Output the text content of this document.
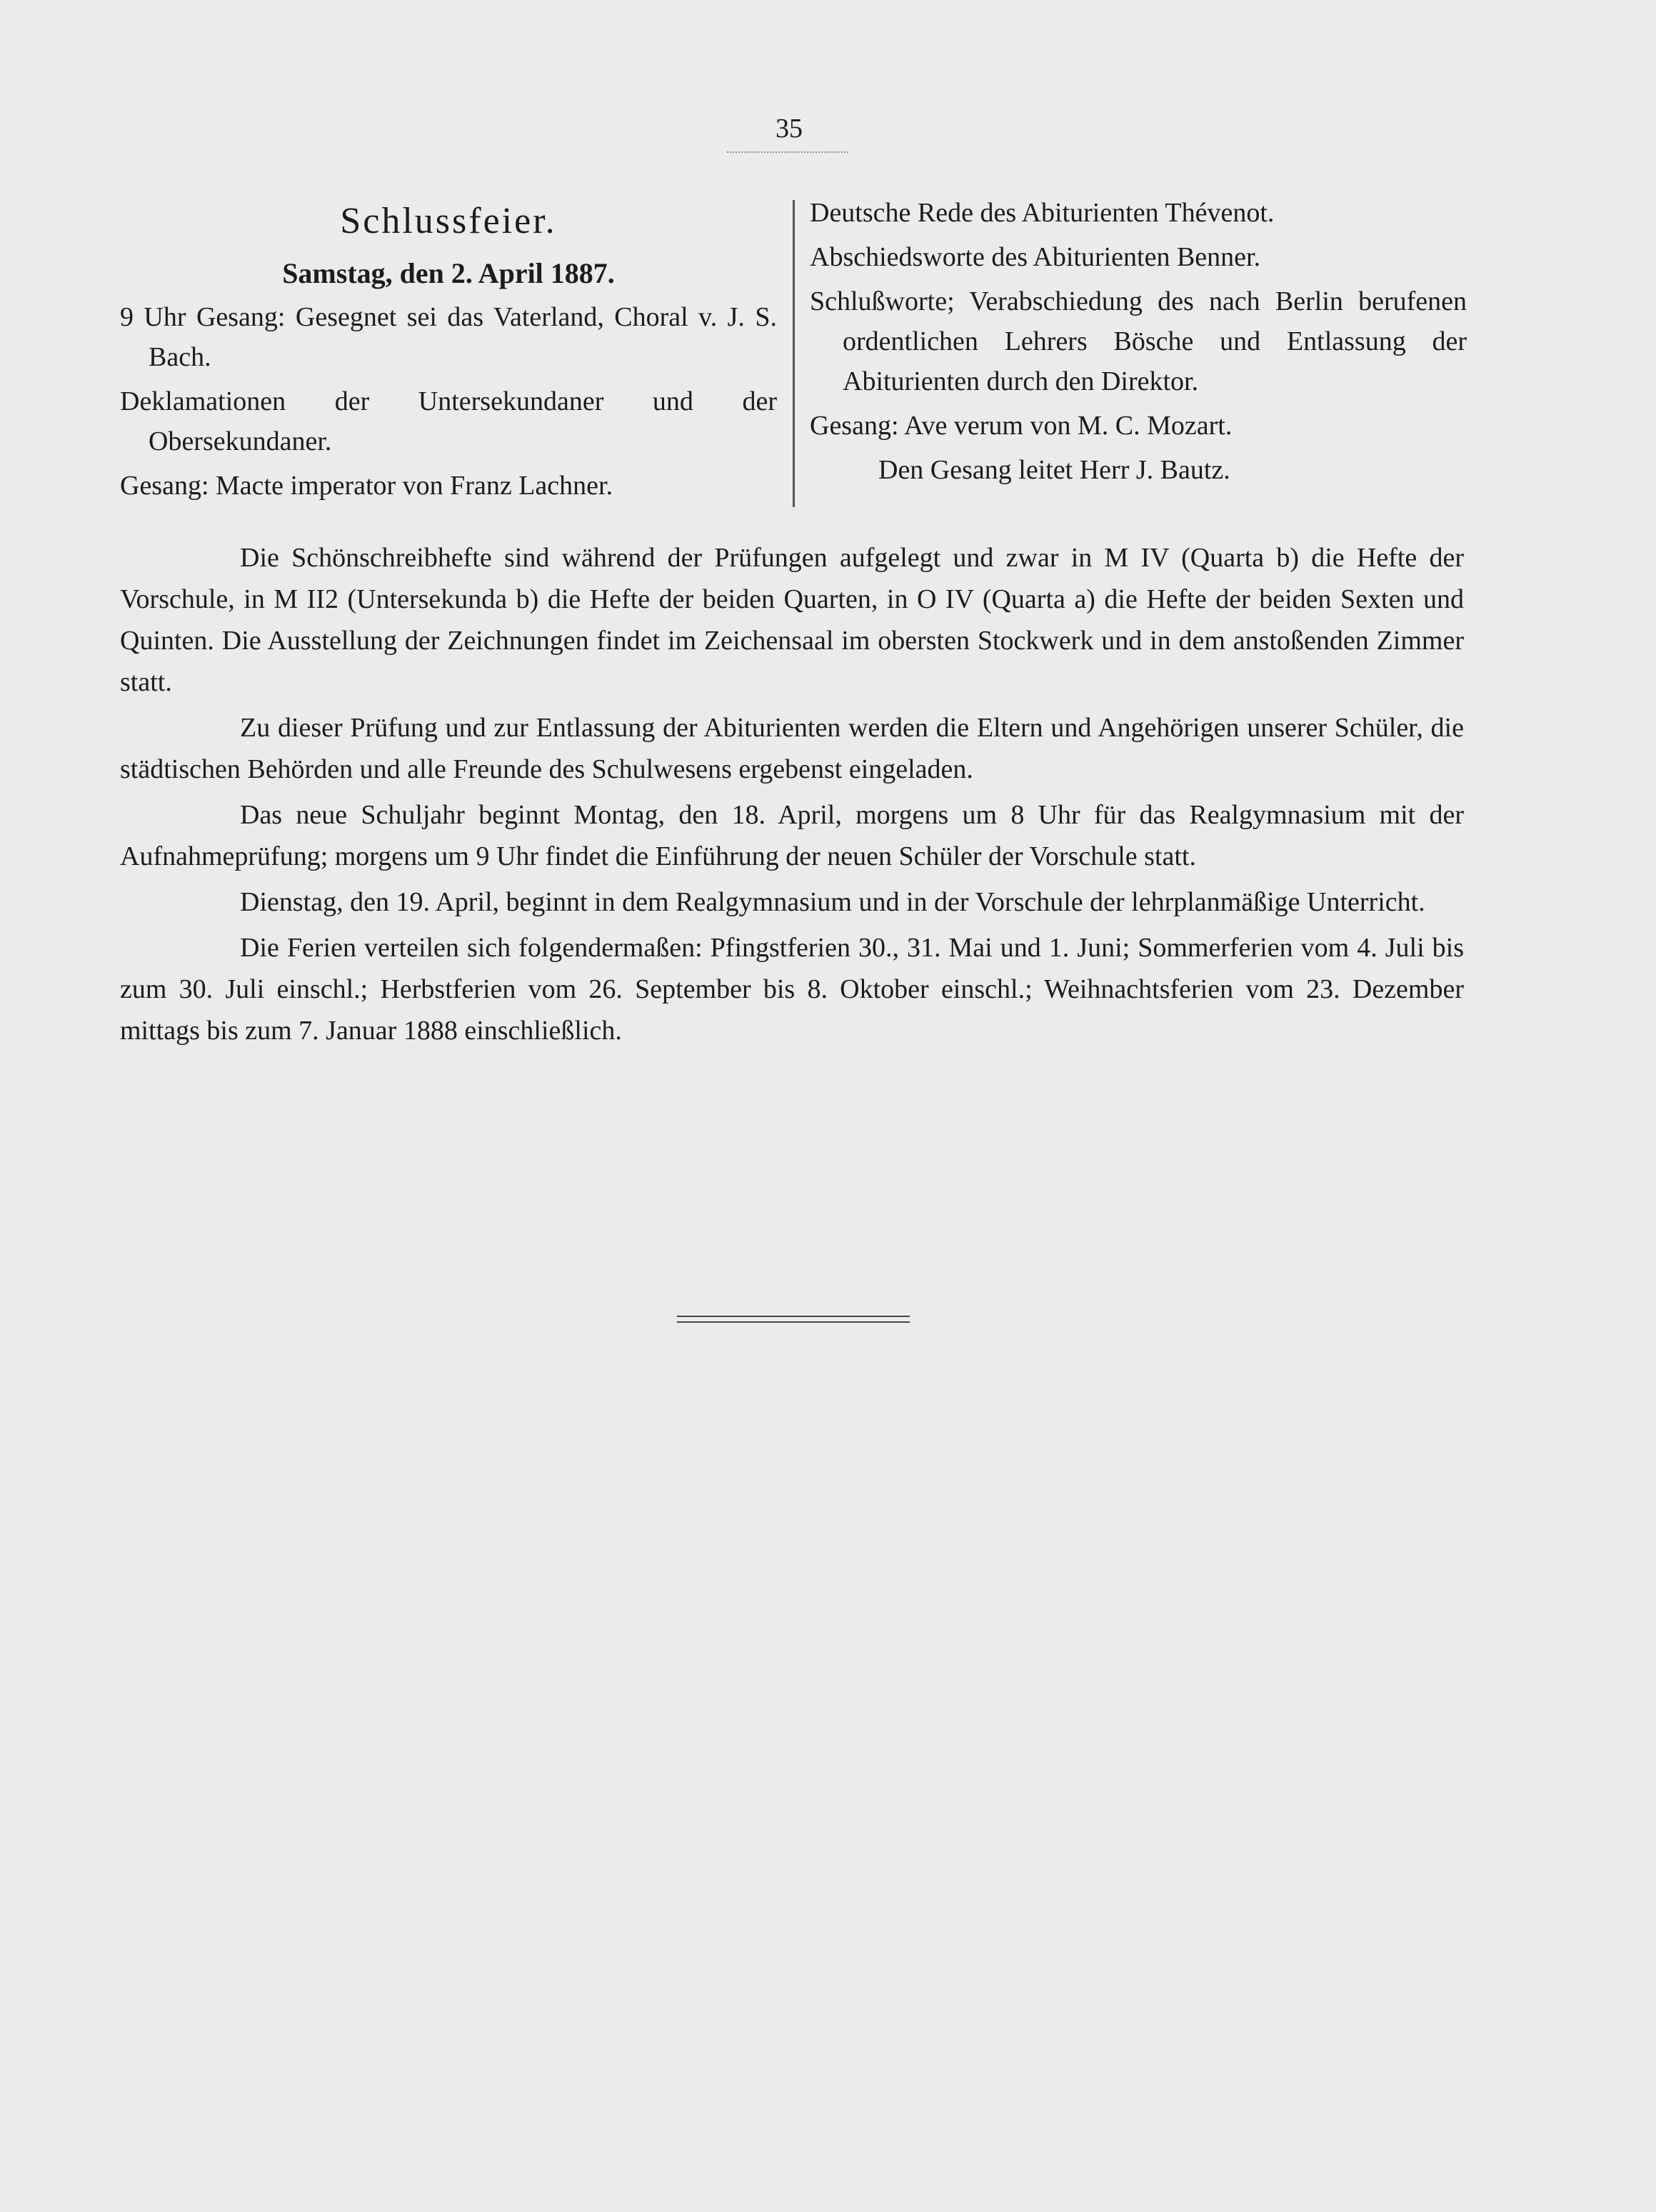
35
Schlussfeier.
Samstag, den 2. April 1887.
9 Uhr Gesang: Gesegnet sei das Vaterland, Choral v. J. S. Bach.
Deklamationen der Untersekundaner und der Obersekundaner.
Gesang: Macte imperator von Franz Lachner.
Deutsche Rede des Abiturienten Thévenot.
Abschiedsworte des Abiturienten Benner.
Schlußworte; Verabschiedung des nach Berlin berufenen ordentlichen Lehrers Bösche und Entlassung der Abiturienten durch den Direktor.
Gesang: Ave verum von M. C. Mozart.
Den Gesang leitet Herr J. Bautz.

Die Schönschreibhefte sind während der Prüfungen aufgelegt und zwar in M IV (Quarta b) die Hefte der Vorschule, in M II2 (Untersekunda b) die Hefte der beiden Quarten, in O IV (Quarta a) die Hefte der beiden Sexten und Quinten. Die Ausstellung der Zeichnungen findet im Zeichensaal im obersten Stockwerk und in dem anstoßenden Zimmer statt.

Zu dieser Prüfung und zur Entlassung der Abiturienten werden die Eltern und Angehörigen unserer Schüler, die städtischen Behörden und alle Freunde des Schulwesens ergebenst eingeladen.

Das neue Schuljahr beginnt Montag, den 18. April, morgens um 8 Uhr für das Realgymnasium mit der Aufnahmeprüfung; morgens um 9 Uhr findet die Einführung der neuen Schüler der Vorschule statt.

Dienstag, den 19. April, beginnt in dem Realgymnasium und in der Vorschule der lehrplanmäßige Unterricht.

Die Ferien verteilen sich folgendermaßen: Pfingstferien 30., 31. Mai und 1. Juni; Sommerferien vom 4. Juli bis zum 30. Juli einschl.; Herbstferien vom 26. September bis 8. Oktober einschl.; Weihnachtsferien vom 23. Dezember mittags bis zum 7. Januar 1888 einschließlich.
